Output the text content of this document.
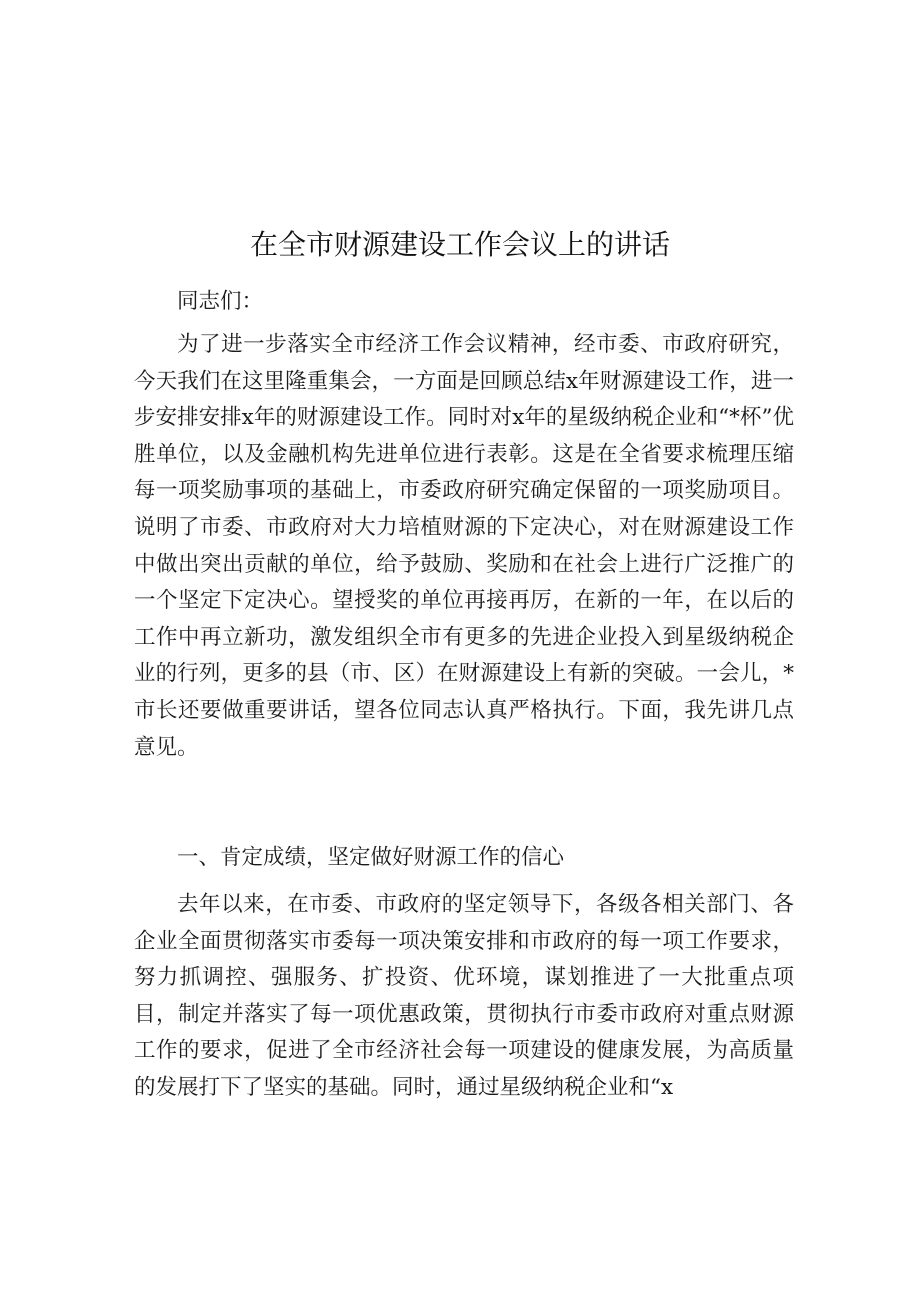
在全市财源建设工作会议上的讲话
同志们：
为了进一步落实全市经济工作会议精神，经市委、市政府研究，今天我们在这里隆重集会，一方面是回顾总结x年财源建设工作，进一步安排安排x年的财源建设工作。同时对x年的星级纳税企业和“*杯”优胜单位，以及金融机构先进单位进行表彰。这是在全省要求梳理压缩每一项奖励事项的基础上，市委政府研究确定保留的一项奖励项目。说明了市委、市政府对大力培植财源的下定决心，对在财源建设工作中做出突出贡献的单位，给予鼓励、奖励和在社会上进行广泛推广的一个坚定下定决心。望授奖的单位再接再厉，在新的一年，在以后的工作中再立新功，激发组织全市有更多的先进企业投入到星级纳税企业的行列，更多的县（市、区）在财源建设上有新的突破。一会儿，*市长还要做重要讲话，望各位同志认真严格执行。下面，我先讲几点意见。
一、肯定成绩，坚定做好财源工作的信心
去年以来，在市委、市政府的坚定领导下，各级各相关部门、各企业全面贯彻落实市委每一项决策安排和市政府的每一项工作要求，努力抓调控、强服务、扩投资、优环境，谋划推进了一大批重点项目，制定并落实了每一项优惠政策，贯彻执行市委市政府对重点财源工作的要求，促进了全市经济社会每一项建设的健康发展，为高质量的发展打下了坚实的基础。同时，通过星级纳税企业和“x
